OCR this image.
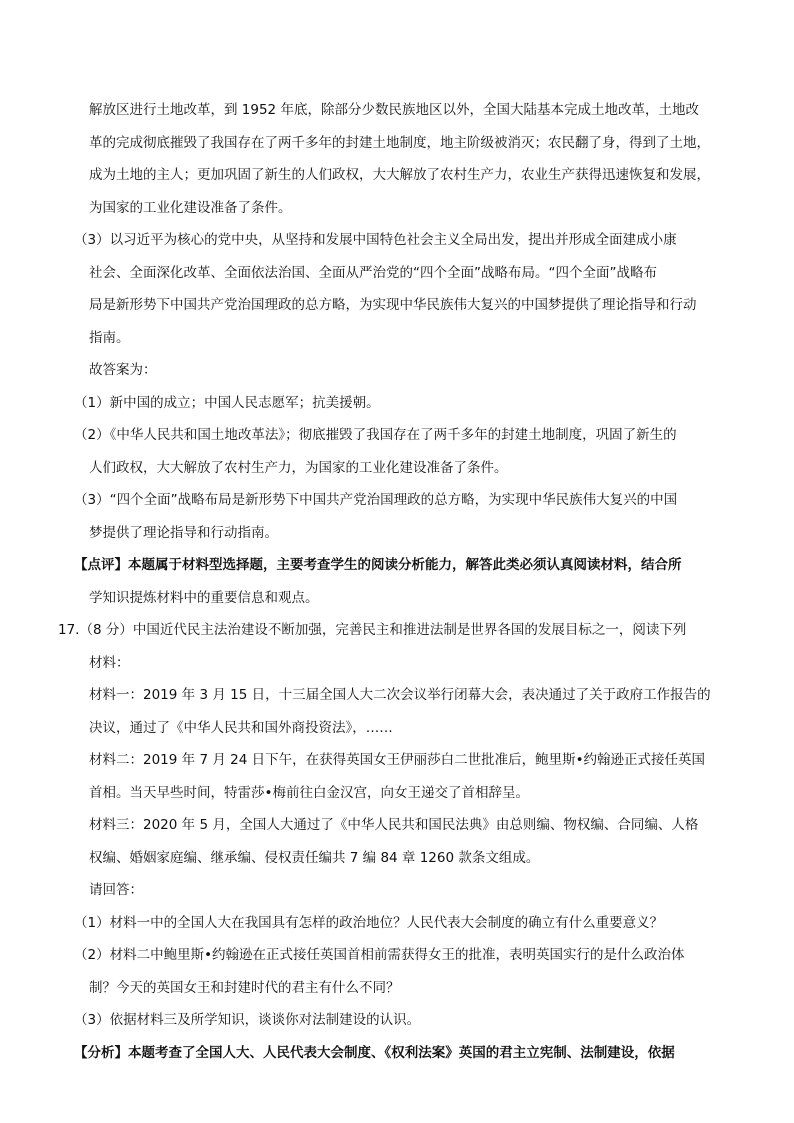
解放区进行土地改革，到 1952 年底，除部分少数民族地区以外，全国大陆基本完成土地改革，土地改
革的完成彻底摧毁了我国存在了两千多年的封建土地制度，地主阶级被消灭；农民翻了身，得到了土地，
成为土地的主人；更加巩固了新生的人们政权，大大解放了农村生产力，农业生产获得迅速恢复和发展，
为国家的工业化建设准备了条件。
（3）以习近平为核心的党中央，从坚持和发展中国特色社会主义全局出发，提出并形成全面建成小康
社会、全面深化改革、全面依法治国、全面从严治党的“四个全面”战略布局。“四个全面”战略布
局是新形势下中国共产党治国理政的总方略，为实现中华民族伟大复兴的中国梦提供了理论指导和行动
指南。
故答案为：
（1）新中国的成立；中国人民志愿军；抗美援朝。
（2）《中华人民共和国土地改革法》；彻底摧毁了我国存在了两千多年的封建土地制度，巩固了新生的
人们政权，大大解放了农村生产力，为国家的工业化建设准备了条件。
（3）“四个全面”战略布局是新形势下中国共产党治国理政的总方略，为实现中华民族伟大复兴的中国
梦提供了理论指导和行动指南。
【点评】本题属于材料型选择题，主要考查学生的阅读分析能力，解答此类必须认真阅读材料，结合所
学知识提炼材料中的重要信息和观点。
17.（8 分）中国近代民主法治建设不断加强，完善民主和推进法制是世界各国的发展目标之一，阅读下列
材料：
材料一：2019 年 3 月 15 日，十三届全国人大二次会议举行闭幕大会，表决通过了关于政府工作报告的
决议，通过了《中华人民共和国外商投资法》，……
材料二：2019 年 7 月 24 日下午，在获得英国女王伊丽莎白二世批准后，鲍里斯•约翰逊正式接任英国
首相。当天早些时间，特雷莎•梅前往白金汉宫，向女王递交了首相辞呈。
材料三：2020 年 5 月，全国人大通过了《中华人民共和国民法典》由总则编、物权编、合同编、人格
权编、婚姻家庭编、继承编、侵权责任编共 7 编 84 章 1260 款条文组成。
请回答：
（1）材料一中的全国人大在我国具有怎样的政治地位？人民代表大会制度的确立有什么重要意义？
（2）材料二中鲍里斯•约翰逊在正式接任英国首相前需获得女王的批准，表明英国实行的是什么政治体
制？今天的英国女王和封建时代的君主有什么不同？
（3）依据材料三及所学知识，谈谈你对法制建设的认识。
【分析】本题考查了全国人大、人民代表大会制度、《权利法案》英国的君主立宪制、法制建设，依据
